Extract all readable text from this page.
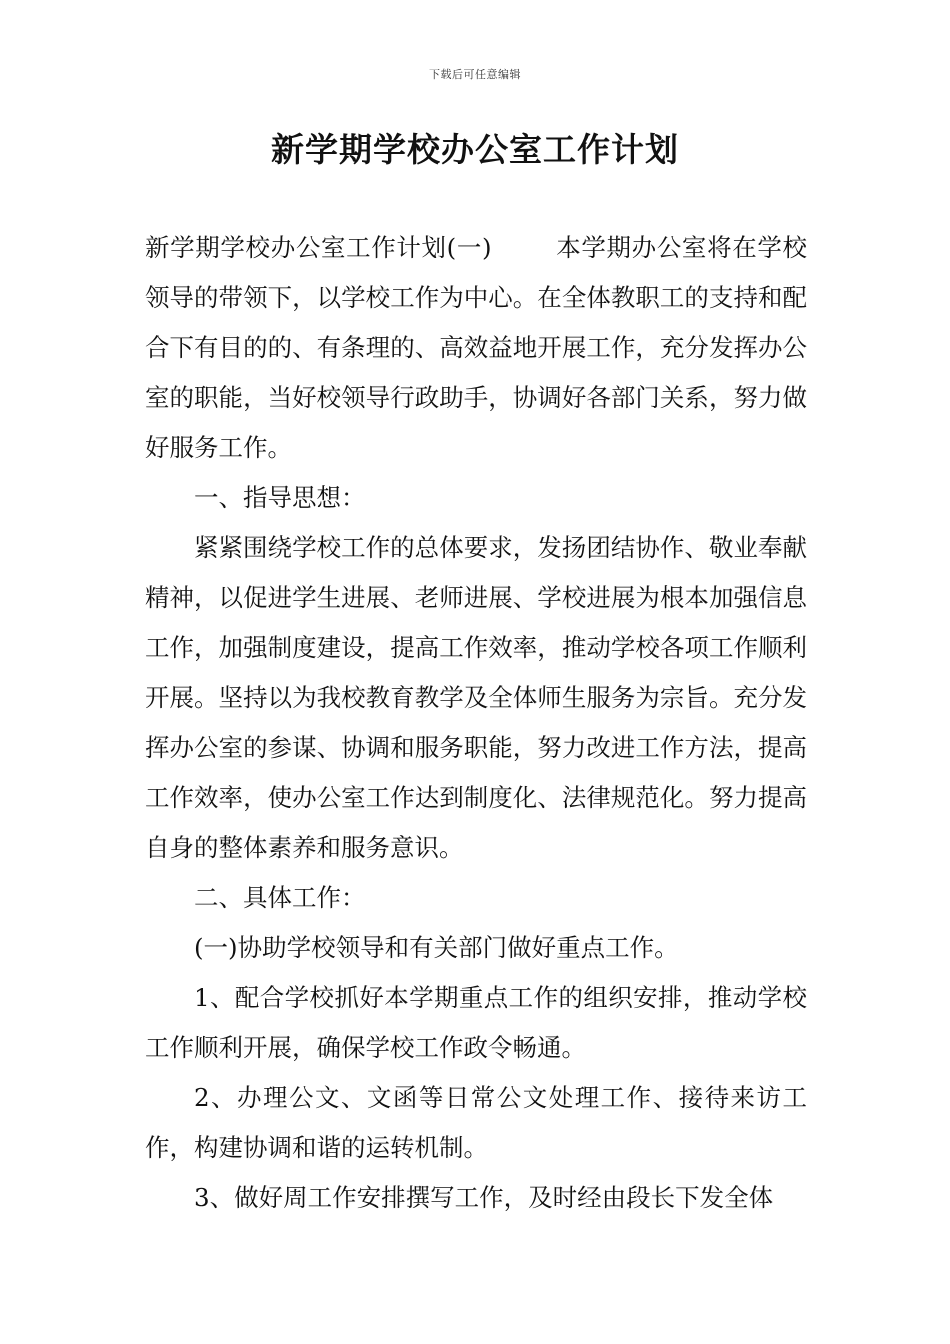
下载后可任意编辑
新学期学校办公室工作计划

新学期学校办公室工作计划(一)	本学期办公室将在学校领导的带领下，以学校工作为中心。在全体教职工的支持和配合下有目的的、有条理的、高效益地开展工作，充分发挥办公室的职能，当好校领导行政助手，协调好各部门关系，努力做好服务工作。

一、指导思想：

紧紧围绕学校工作的总体要求，发扬团结协作、敬业奉献精神，以促进学生进展、老师进展、学校进展为根本加强信息工作，加强制度建设，提高工作效率，推动学校各项工作顺利开展。坚持以为我校教育教学及全体师生服务为宗旨。充分发挥办公室的参谋、协调和服务职能，努力改进工作方法，提高工作效率，使办公室工作达到制度化、法律规范化。努力提高自身的整体素养和服务意识。

二、具体工作：

(一)协助学校领导和有关部门做好重点工作。

1、配合学校抓好本学期重点工作的组织安排，推动学校工作顺利开展，确保学校工作政令畅通。

2、办理公文、文函等日常公文处理工作、接待来访工作，构建协调和谐的运转机制。

3、做好周工作安排撰写工作，及时经由段长下发全体
